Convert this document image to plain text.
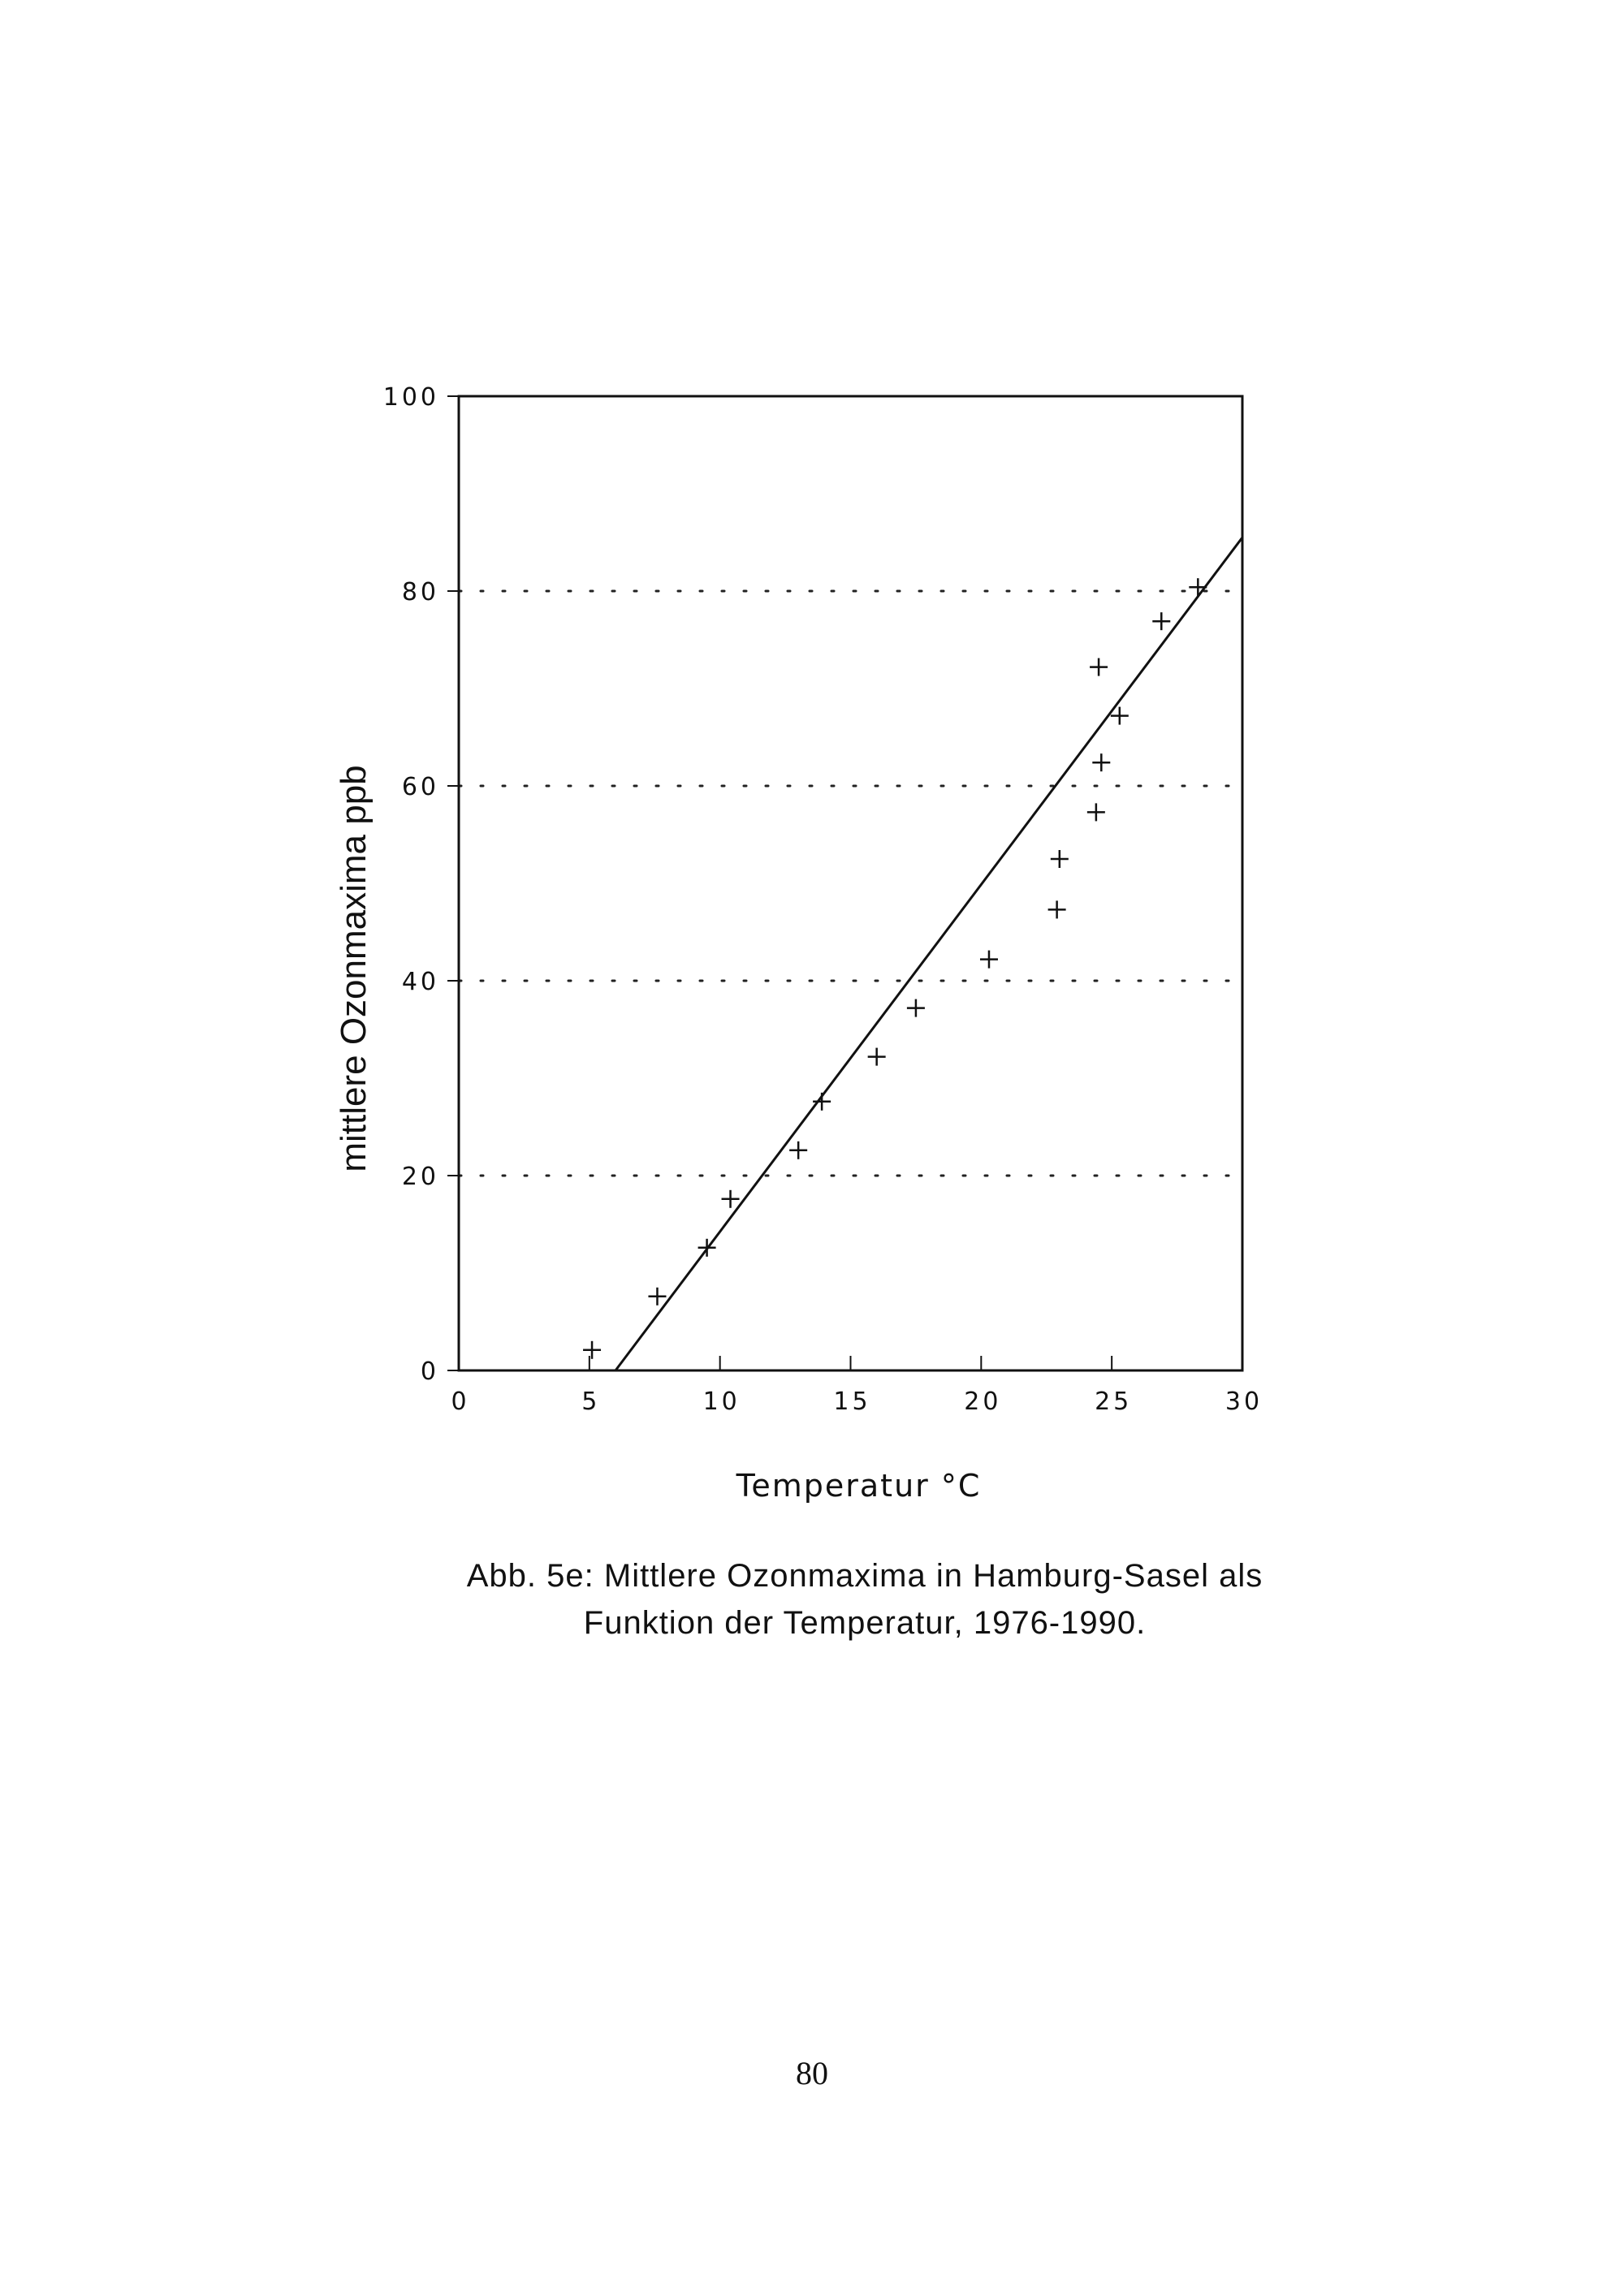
0	5	10	15	20	25	30
0
20
40
60
80
100
Temperatur °C
mittlere Ozonmaxima ppb
Abb. 5e: Mittlere Ozonmaxima in Hamburg-Sasel als
Funktion der Temperatur, 1976-1990.
80
